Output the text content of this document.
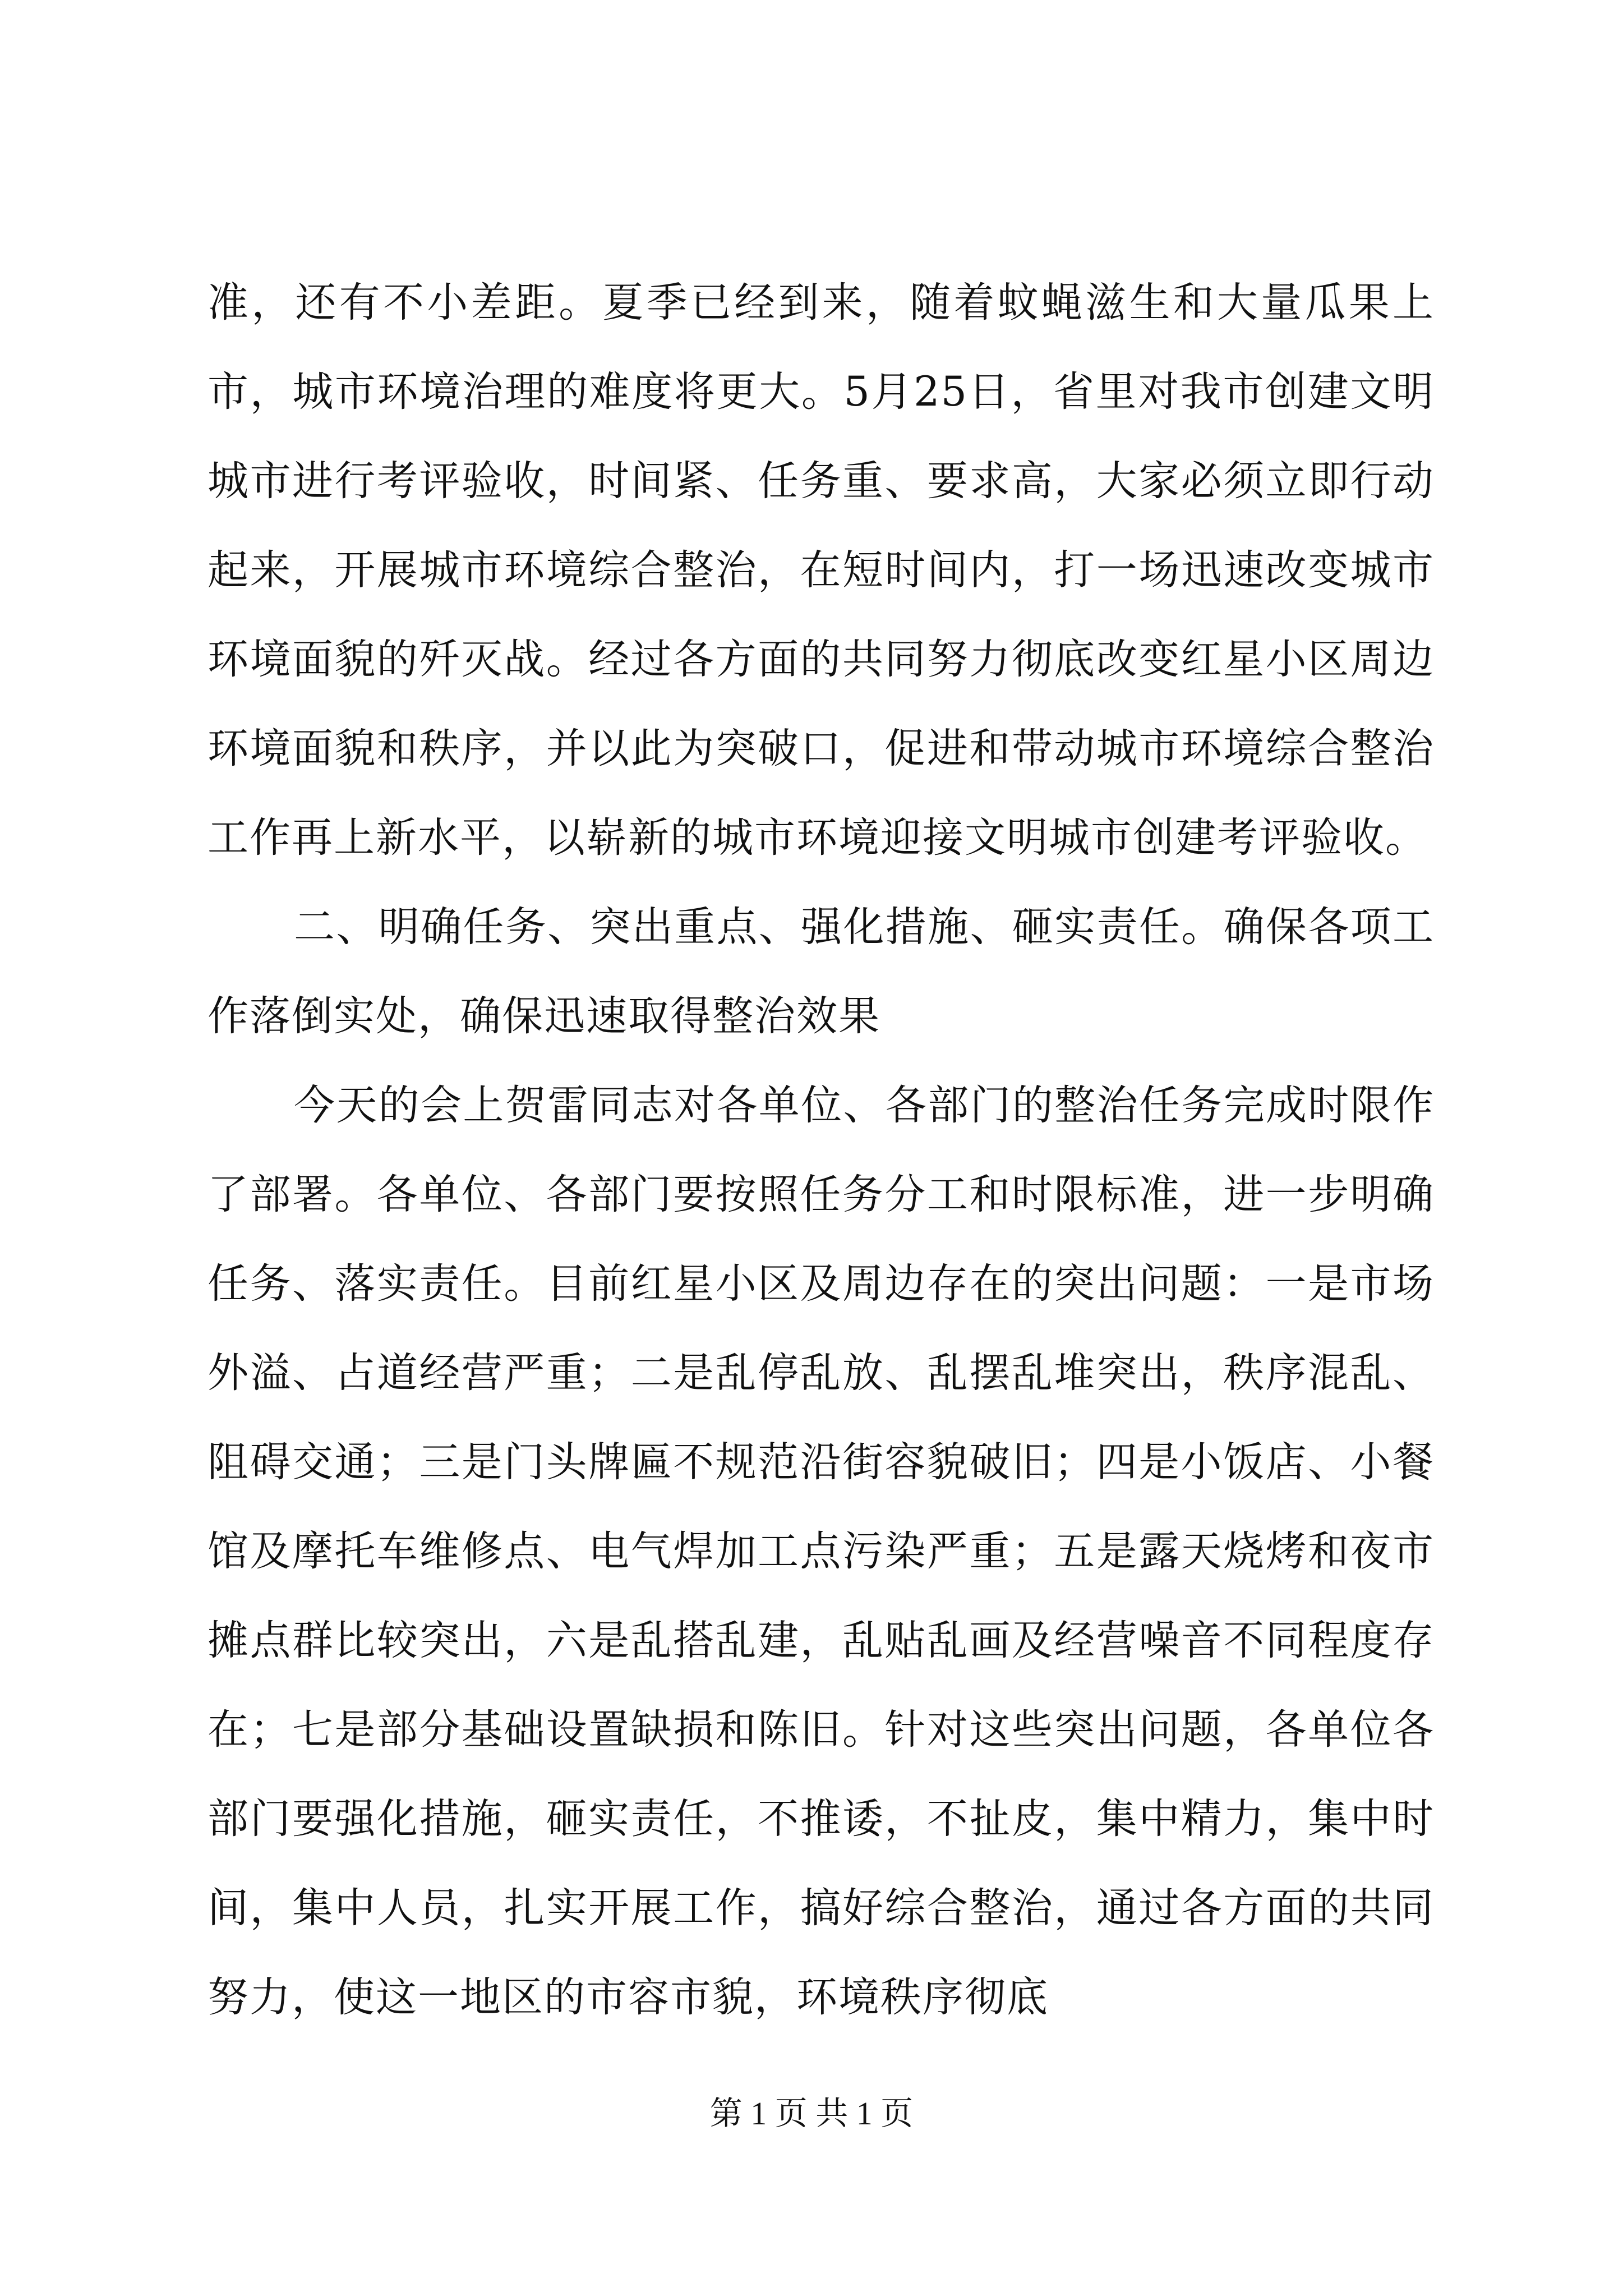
准，还有不小差距。夏季已经到来，随着蚊蝇滋生和大量瓜果上市，城市环境治理的难度将更大。5月25日，省里对我市创建文明城市进行考评验收，时间紧、任务重、要求高，大家必须立即行动起来，开展城市环境综合整治，在短时间内，打一场迅速改变城市环境面貌的歼灭战。经过各方面的共同努力彻底改变红星小区周边环境面貌和秩序，并以此为突破口，促进和带动城市环境综合整治工作再上新水平，以崭新的城市环境迎接文明城市创建考评验收。

二、明确任务、突出重点、强化措施、砸实责任。确保各项工作落倒实处，确保迅速取得整治效果

今天的会上贺雷同志对各单位、各部门的整治任务完成时限作了部署。各单位、各部门要按照任务分工和时限标准，进一步明确任务、落实责任。目前红星小区及周边存在的突出问题：一是市场外溢、占道经营严重；二是乱停乱放、乱摆乱堆突出，秩序混乱、阻碍交通；三是门头牌匾不规范沿街容貌破旧；四是小饭店、小餐馆及摩托车维修点、电气焊加工点污染严重；五是露天烧烤和夜市摊点群比较突出，六是乱搭乱建，乱贴乱画及经营噪音不同程度存在；七是部分基础设置缺损和陈旧。针对这些突出问题，各单位各部门要强化措施，砸实责任，不推诿，不扯皮，集中精力，集中时间，集中人员，扎实开展工作，搞好综合整治，通过各方面的共同努力，使这一地区的市容市貌，环境秩序彻底

第 1 页 共 1 页
